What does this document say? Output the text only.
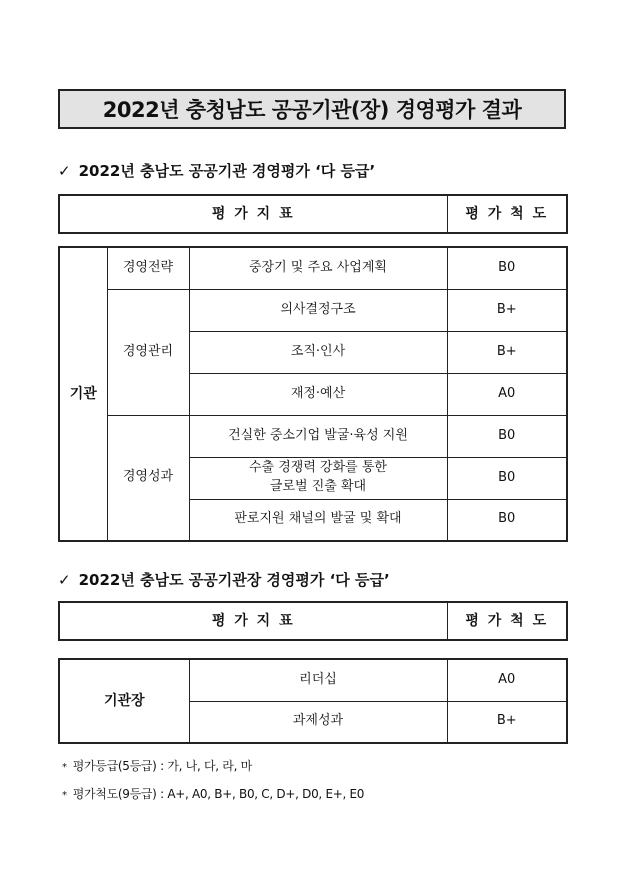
2022년 충청남도 공공기관(장) 경영평가 결과
✓ 2022년 충남도 공공기관 경영평가 ‘다 등급’
평 가 지 표	평 가 척 도
기관	경영전략	중장기 및 주요 사업계획	B0
	경영관리	의사결정구조	B+
		조직·인사	B+
		재정·예산	A0
	경영성과	건실한 중소기업 발굴·육성 지원	B0

		수출 경쟁력 강화를 통한
글로벌 진출 확대	B0
		판로지원 채널의 발굴 및 확대	B0
✓ 2022년 충남도 공공기관장 경영평가 ‘다 등급’
평 가 지 표	평 가 척 도
기관장	리더십	A0
	과제성과	B+
* 평가등급(5등급) : 가, 나, 다, 라, 마
* 평가척도(9등급) : A+, A0, B+, B0, C, D+, D0, E+, E0
